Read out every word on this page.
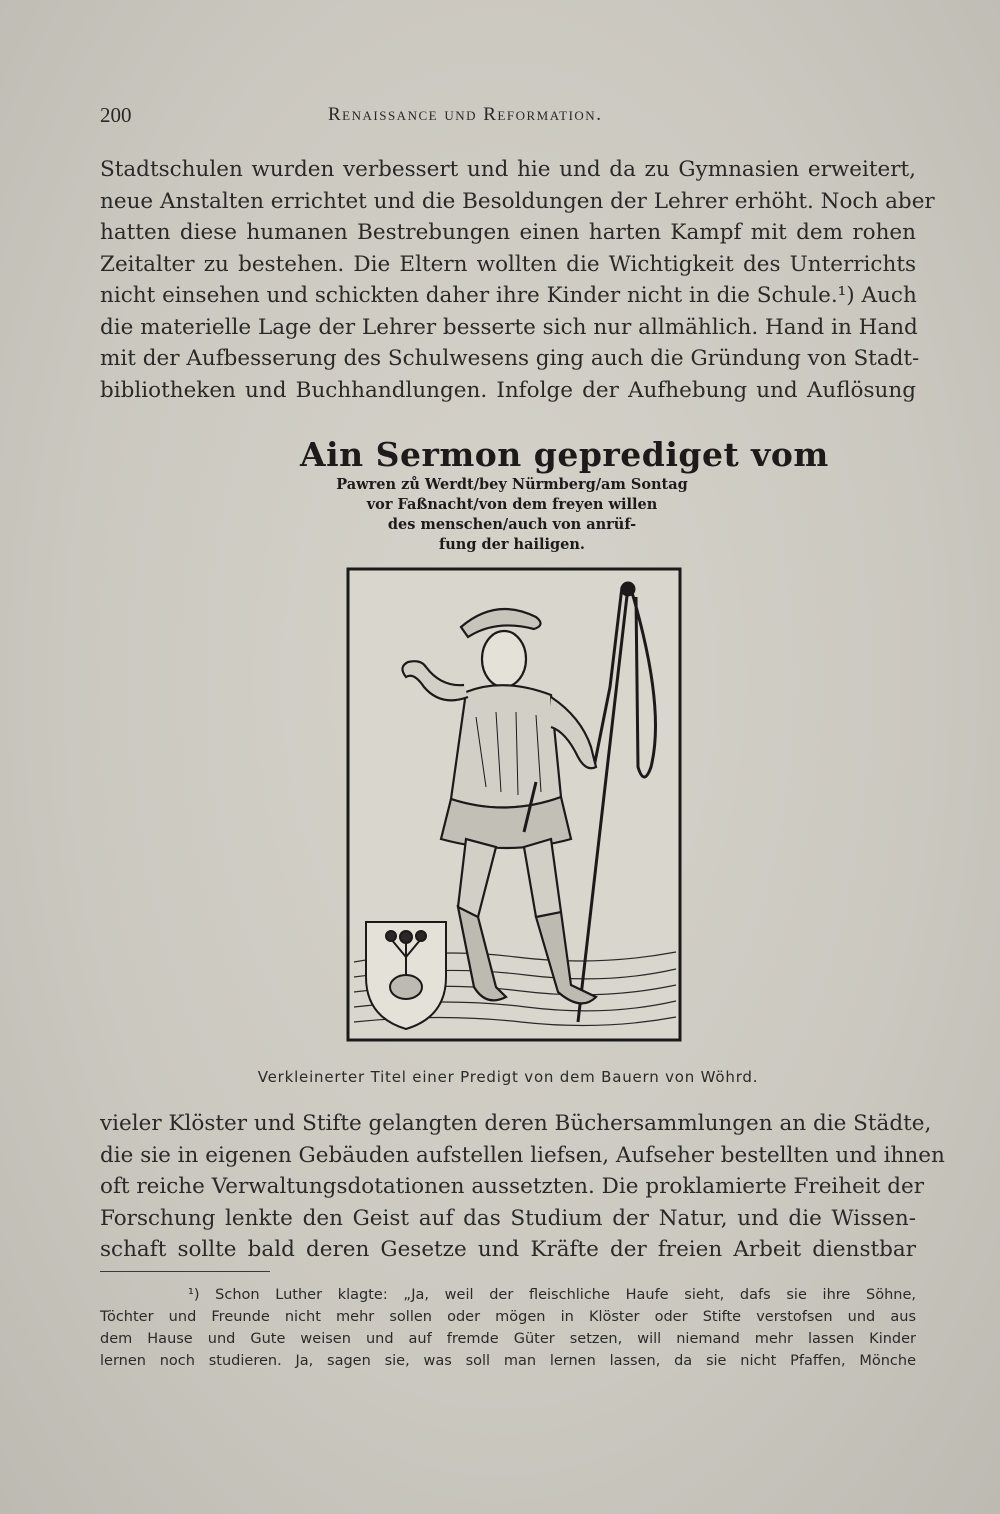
200	Renaissance und Reformation.
Stadtschulen wurden verbessert und hie und da zu Gymnasien erweitert,
neue Anstalten errichtet und die Besoldungen der Lehrer erhöht. Noch aber
hatten diese humanen Bestrebungen einen harten Kampf mit dem rohen
Zeitalter zu bestehen. Die Eltern wollten die Wichtigkeit des Unterrichts
nicht einsehen und schickten daher ihre Kinder nicht in die Schule.¹) Auch
die materielle Lage der Lehrer besserte sich nur allmählich. Hand in Hand
mit der Aufbesserung des Schulwesens ging auch die Gründung von Stadt-
bibliotheken und Buchhandlungen. Infolge der Aufhebung und Auflösung
Ain Sermon geprediget vom
Pawren zů Werdt/bey Nürmberg/am Sontag
vor Faßnacht/von dem freyen willen
des menschen/auch von anrüf-
fung der hailigen.
Verkleinerter Titel einer Predigt von dem Bauern von Wöhrd.
vieler Klöster und Stifte gelangten deren Büchersammlungen an die Städte,
die sie in eigenen Gebäuden aufstellen liefsen, Aufseher bestellten und ihnen
oft reiche Verwaltungsdotationen aussetzten. Die proklamierte Freiheit der
Forschung lenkte den Geist auf das Studium der Natur, und die Wissen-
schaft sollte bald deren Gesetze und Kräfte der freien Arbeit dienstbar
¹) Schon Luther klagte: „Ja, weil der fleischliche Haufe sieht, dafs sie ihre Söhne,
Töchter und Freunde nicht mehr sollen oder mögen in Klöster oder Stifte verstofsen und aus
dem Hause und Gute weisen und auf fremde Güter setzen, will niemand mehr lassen Kinder
lernen noch studieren. Ja, sagen sie, was soll man lernen lassen, da sie nicht Pfaffen, Mönche
